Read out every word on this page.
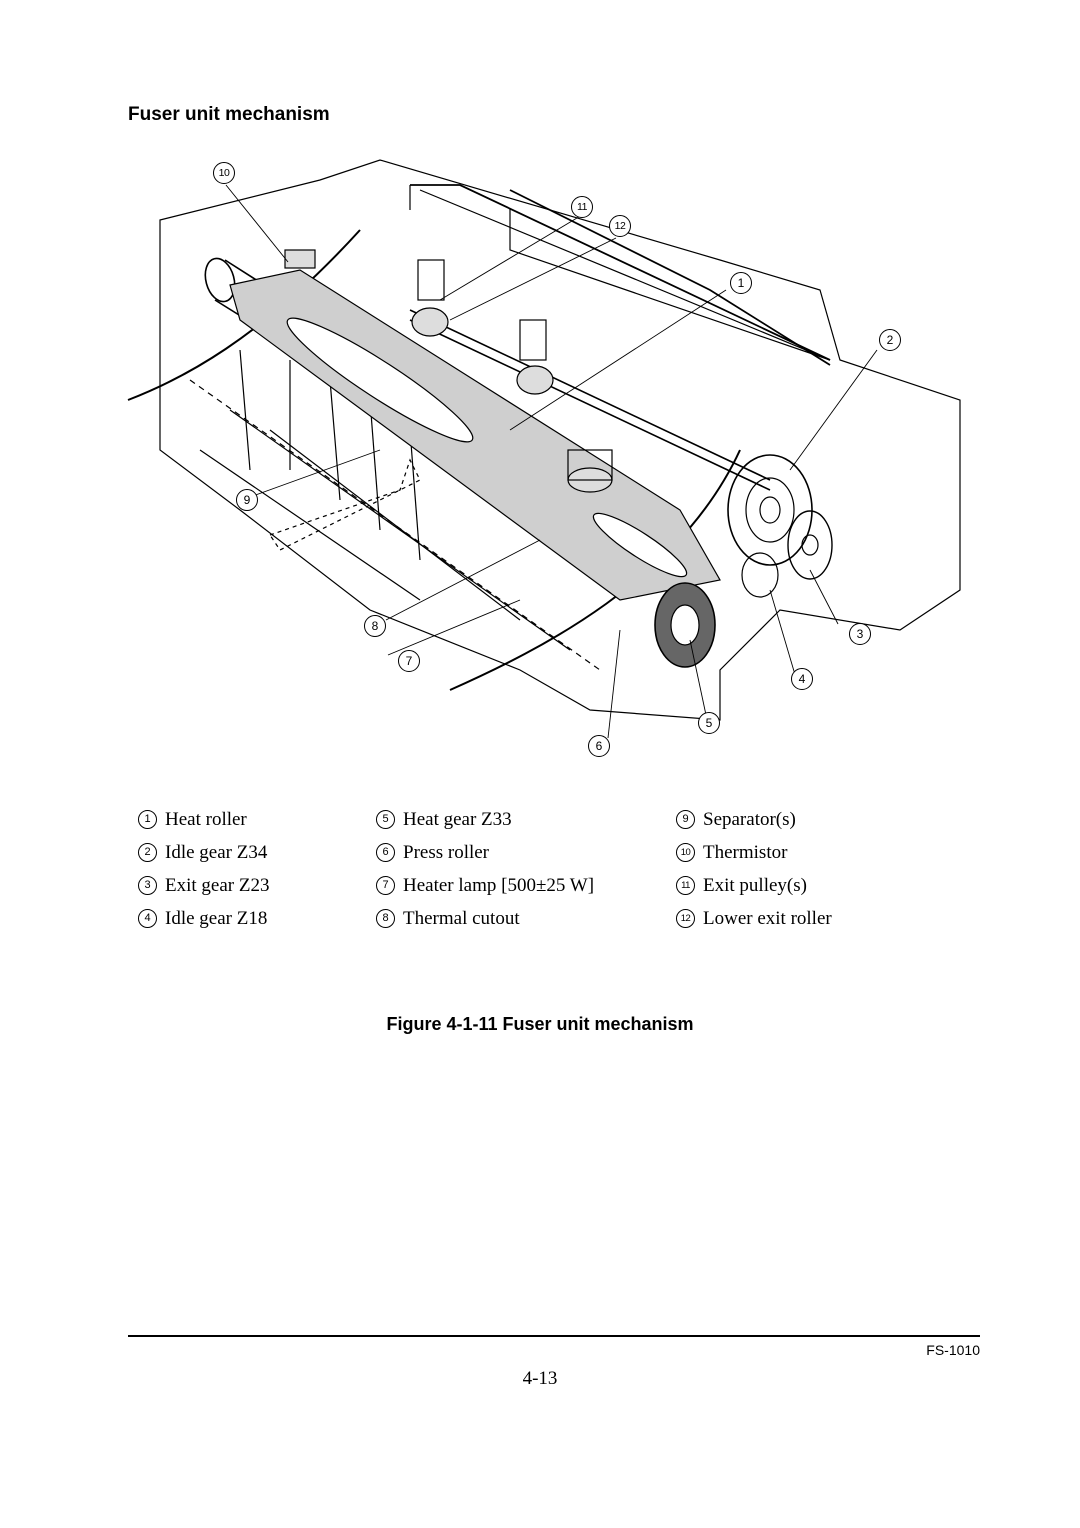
Fuser unit mechanism
10
11
12
1
2
9
8
3
7
4
5
6
1 Heat roller	5 Heat gear Z33	9 Separator(s)
2 Idle gear Z34	6 Press roller	10 Thermistor
3 Exit gear Z23	7 Heater lamp [500±25 W]	11 Exit pulley(s)
4 Idle gear Z18	8 Thermal cutout	12 Lower exit roller
Figure 4-1-11 Fuser unit mechanism
FS-1010
4-13
